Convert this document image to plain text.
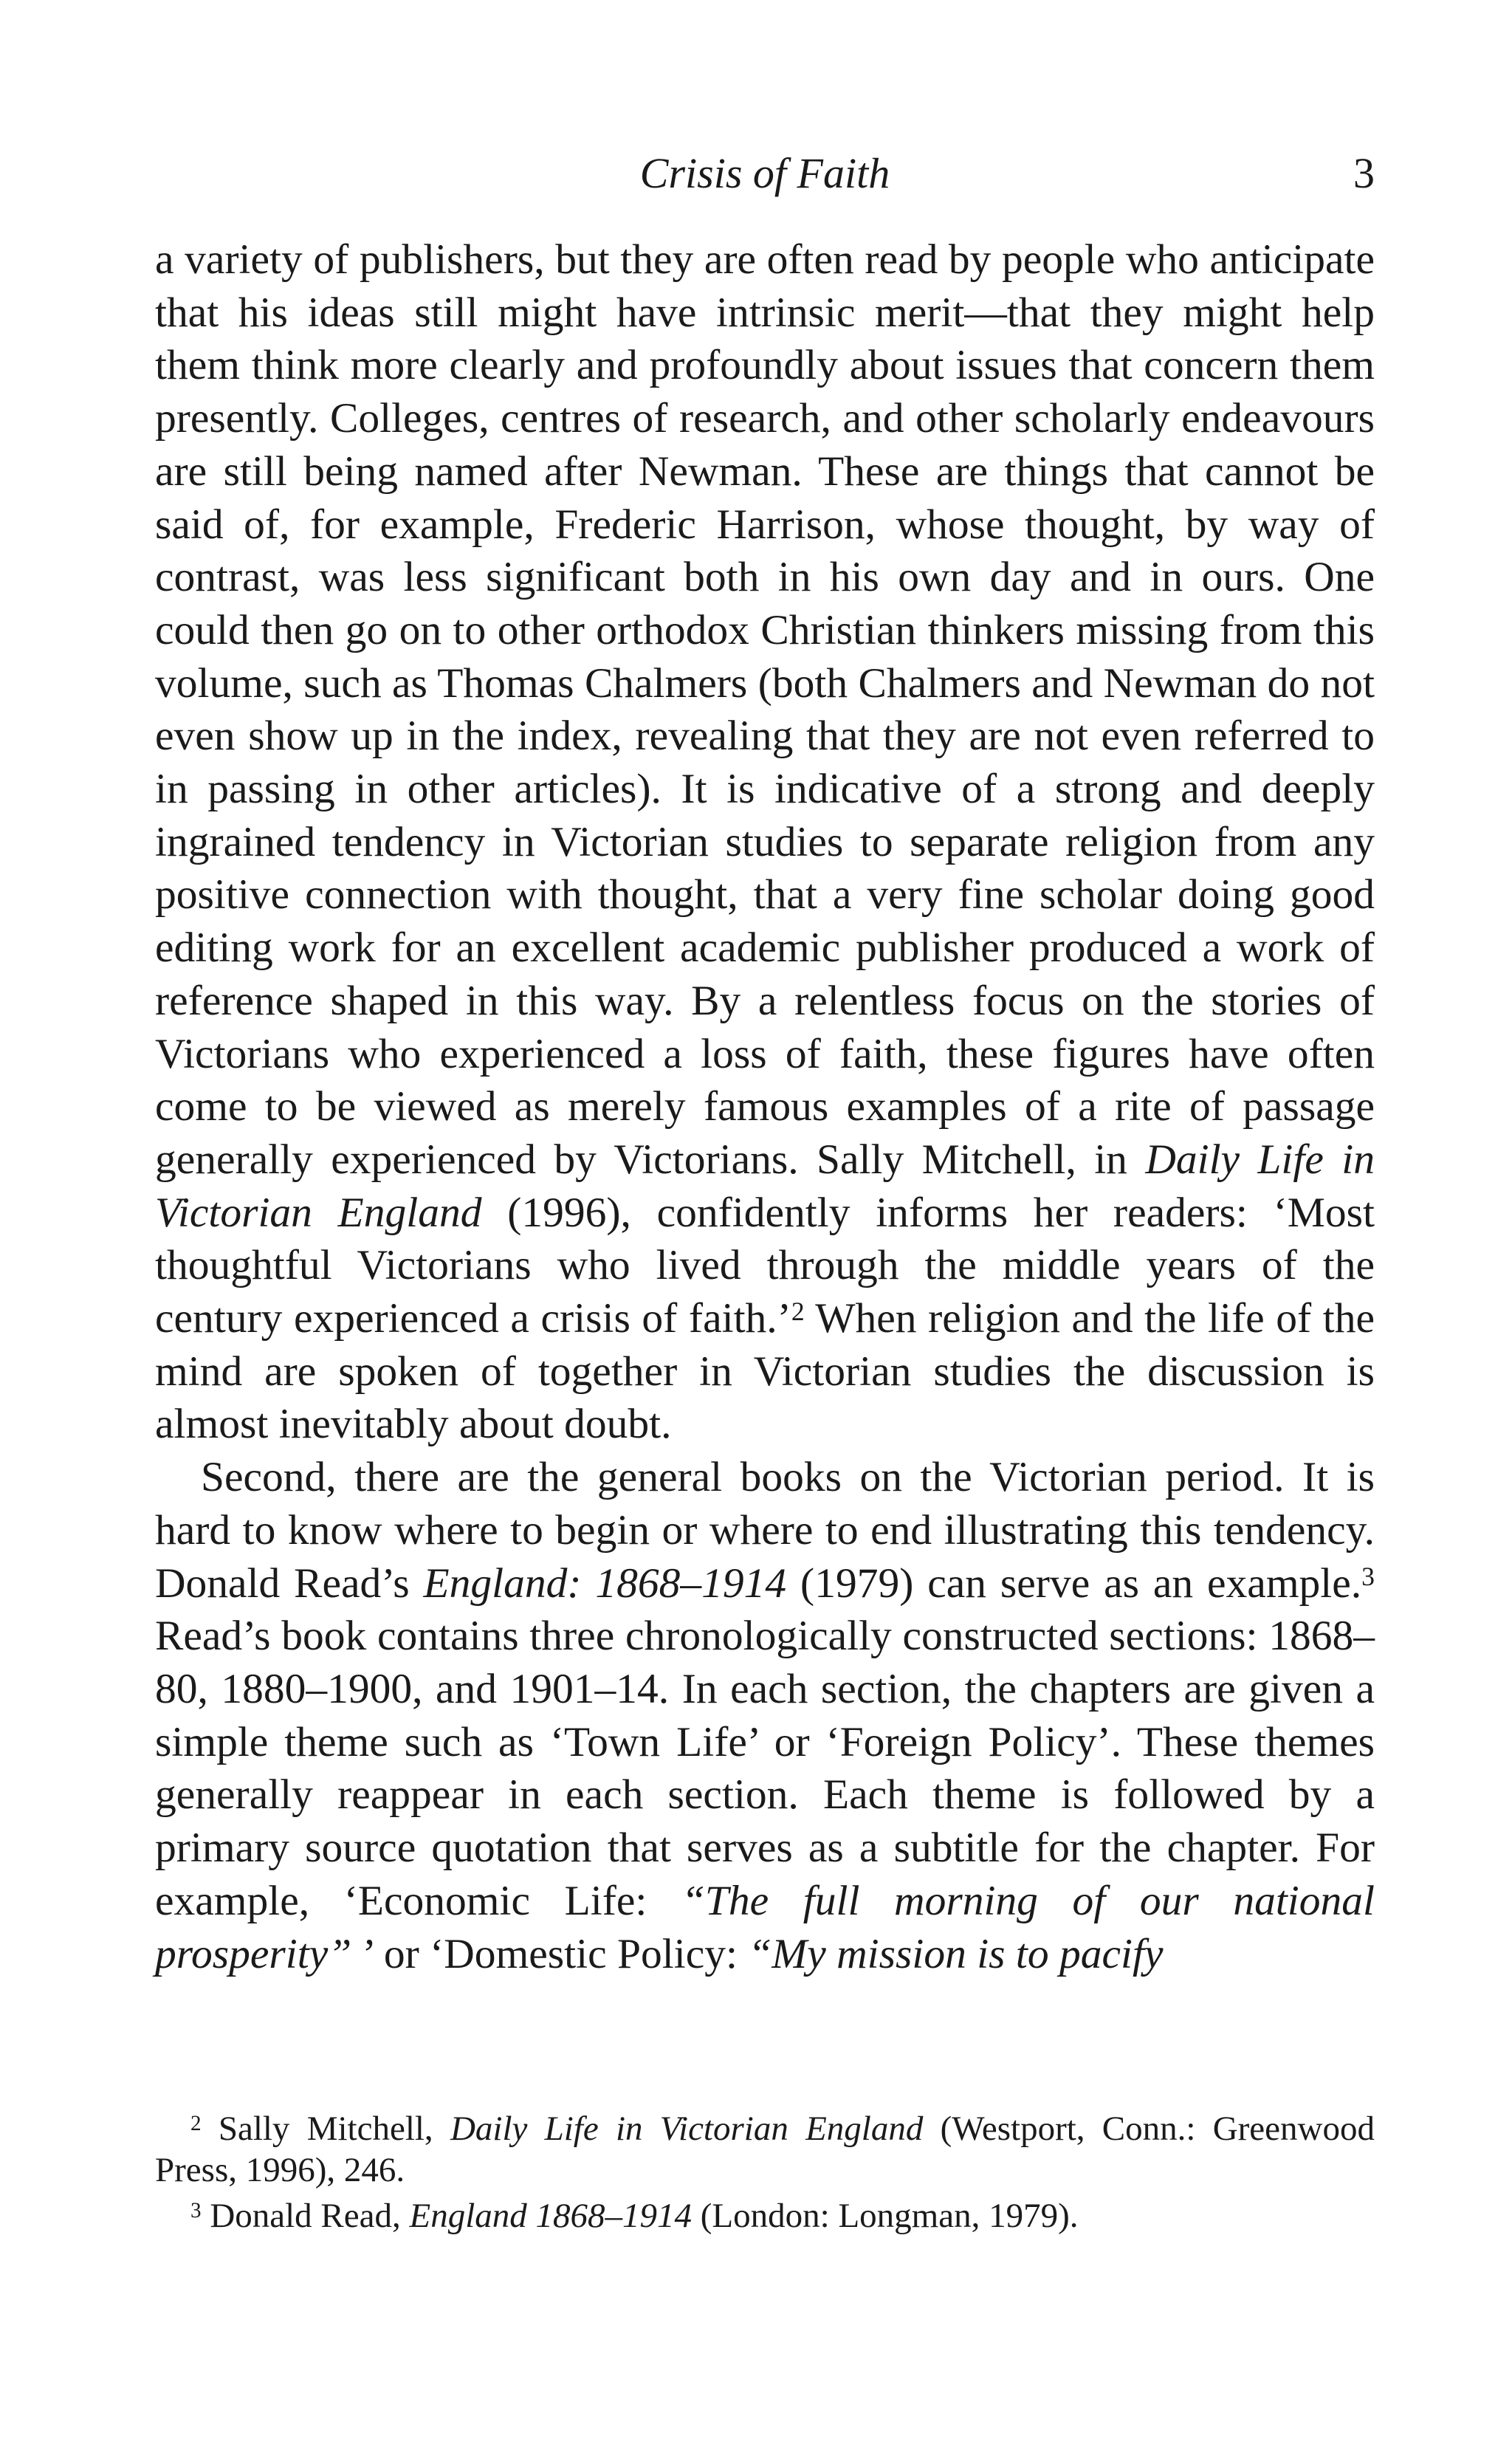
Crisis of Faith	3

a variety of publishers, but they are often read by people who anticipate that his ideas still might have intrinsic merit—that they might help them think more clearly and profoundly about issues that concern them presently. Colleges, centres of research, and other scholarly endeavours are still being named after Newman. These are things that cannot be said of, for example, Frederic Harrison, whose thought, by way of contrast, was less significant both in his own day and in ours. One could then go on to other orthodox Christian thinkers missing from this volume, such as Thomas Chalmers (both Chalmers and Newman do not even show up in the index, revealing that they are not even referred to in passing in other articles). It is indicative of a strong and deeply ingrained tendency in Victorian studies to separate religion from any positive connection with thought, that a very fine scholar doing good editing work for an excellent academic publisher produced a work of reference shaped in this way. By a relentless focus on the stories of Victorians who experienced a loss of faith, these figures have often come to be viewed as merely famous examples of a rite of passage generally experienced by Victorians. Sally Mitchell, in Daily Life in Victorian England (1996), confidently informs her readers: ‘Most thoughtful Victorians who lived through the middle years of the century experienced a crisis of faith.’$^2$ When religion and the life of the mind are spoken of together in Victorian studies the discussion is almost inevitably about doubt.

Second, there are the general books on the Victorian period. It is hard to know where to begin or where to end illustrating this tendency. Donald Read’s England: 1868–1914 (1979) can serve as an example.$^3$ Read’s book contains three chronologically constructed sections: 1868–80, 1880–1900, and 1901–14. In each section, the chapters are given a simple theme such as ‘Town Life’ or ‘Foreign Policy’. These themes generally reappear in each section. Each theme is followed by a primary source quotation that serves as a subtitle for the chapter. For example, ‘Economic Life: “The full morning of our national prosperity” ’ or ‘Domestic Policy: “My mission is to pacify

$^2$ Sally Mitchell, Daily Life in Victorian England (Westport, Conn.: Greenwood Press, 1996), 246.

$^3$ Donald Read, England 1868–1914 (London: Longman, 1979).
